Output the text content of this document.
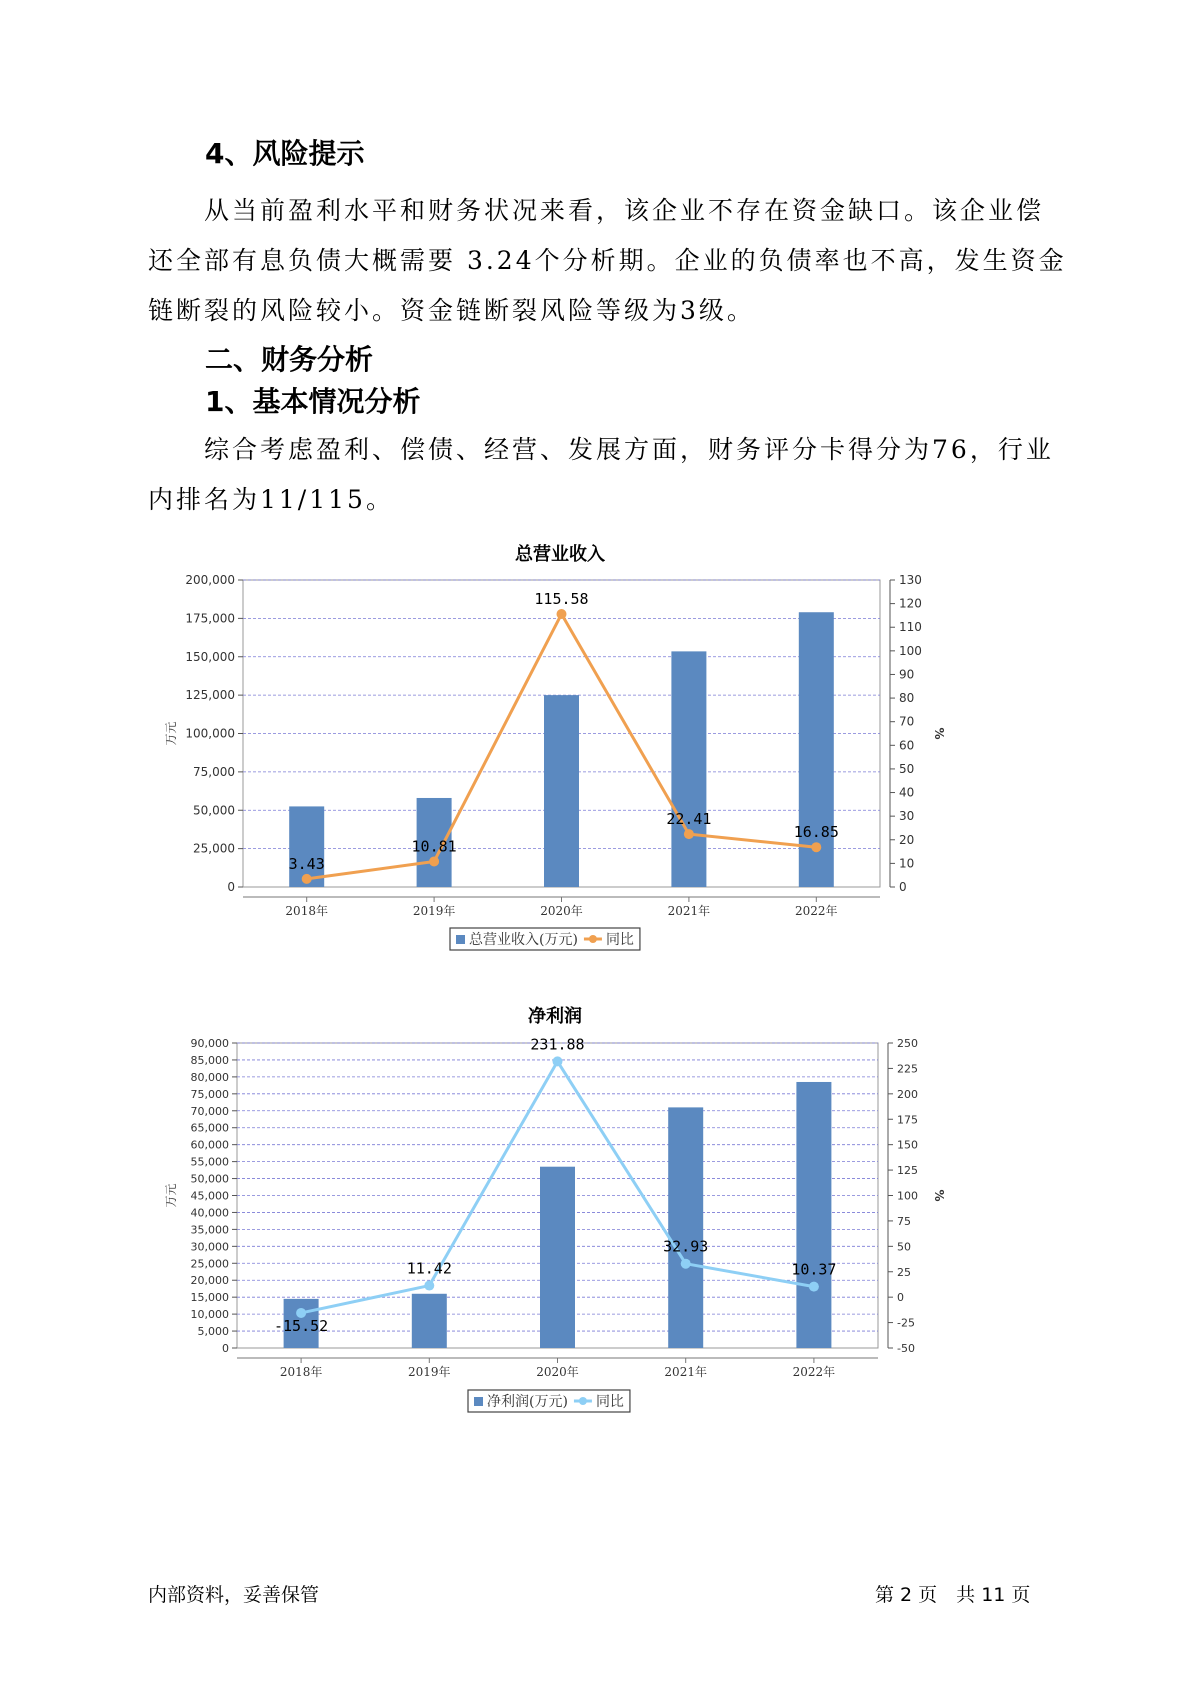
4、风险提示

从当前盈利水平和财务状况来看，该企业不存在资金缺口。该企业偿还全部有息负债大概需要 3.24个分析期。企业的负债率也不高，发生资金链断裂的风险较小。资金链断裂风险等级为3级。

二、财务分析
1、基本情况分析

综合考虑盈利、偿债、经营、发展方面，财务评分卡得分为76，行业内排名为11/115。

总营业收入
0
25,000
50,000
75,000
100,000
125,000
150,000
175,000
200,000
0
10
20
30
40
50
60
70
80
90
100
110
120
130
2018年	2019年	2020年	2021年	2022年
万元	%
3.43
10.81
115.58
22.41
16.85
总营业收入(万元) 同比
净利润
0
5,000
10,000
15,000
20,000
25,000
30,000
35,000
40,000
45,000
50,000
55,000
60,000
65,000
70,000
75,000
80,000
85,000
90,000
-50
-25
0
25
50
75
100
125
150
175
200
225
250
2018年	2019年	2020年	2021年	2022年
万元	%
-15.52
11.42
231.88
32.93
10.37
净利润(万元) 同比
内部资料，妥善保管	第 2 页　共 11 页
